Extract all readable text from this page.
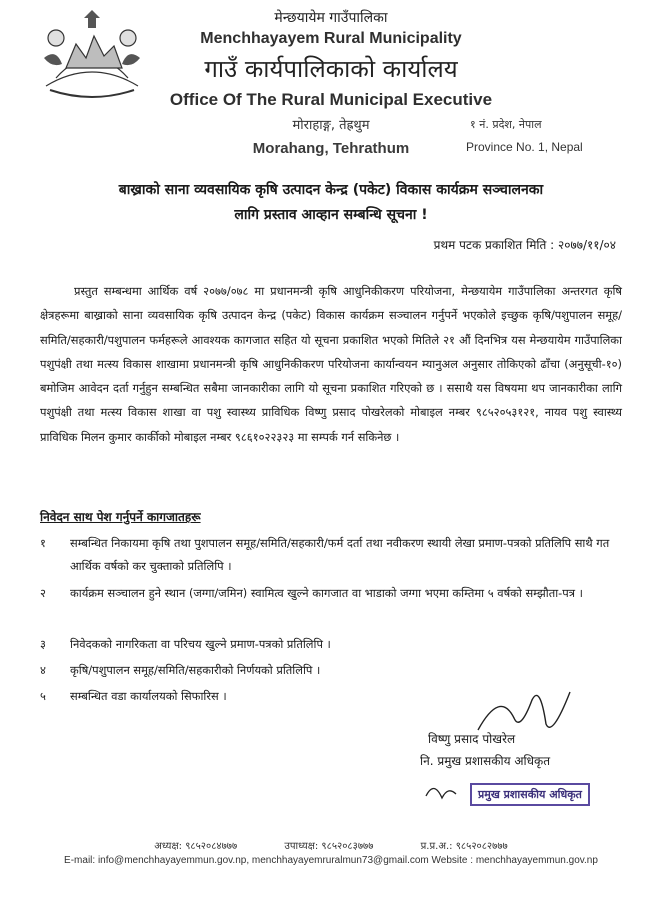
मेन्छयायेम गाउँपालिका
Menchhayayem Rural Municipality
गाउँ कार्यपालिकाको कार्यालय
Office Of The Rural Municipal Executive
मोराहाङ्ग, तेह्रथुम
Morahang, Tehrathum
१ नं. प्रदेश, नेपाल
Province No. 1, Nepal
बाख्राको साना व्यवसायिक कृषि उत्पादन केन्द्र (पकेट) विकास कार्यक्रम सञ्चालनका
लागि प्रस्ताव आव्हान सम्बन्धि सूचना !
प्रथम पटक प्रकाशित मिति : २०७७/११/०४

प्रस्तुत सम्बन्धमा आर्थिक वर्ष २०७७/०७८ मा प्रधानमन्त्री कृषि आधुनिकीकरण परियोजना, मेन्छयायेम गाउँपालिका अन्तरगत कृषि क्षेत्रहरूमा बाख्राको साना व्यवसायिक कृषि उत्पादन केन्द्र (पकेट) विकास कार्यक्रम सञ्चालन गर्नुपर्ने भएकोले इच्छुक कृषि/पशुपालन समूह/समिति/सहकारी/पशुपालन फर्महरूले आवश्यक कागजात सहित यो सूचना प्रकाशित भएको मितिले २१ औं दिनभित्र यस मेन्छयायेम गाउँपालिका पशुपंक्षी तथा मत्स्य विकास शाखामा प्रधानमन्त्री कृषि आधुनिकीकरण परियोजना कार्यान्वयन म्यानुअल अनुसार तोकिएको ढाँचा (अनुसूची-१०) बमोजिम आवेदन दर्ता गर्नुहुन सम्बन्धित सबैमा जानकारीका लागि यो सूचना प्रकाशित गरिएको छ । ससाथै यस विषयमा थप जानकारीका लागि पशुपंक्षी तथा मत्स्य विकास शाखा वा पशु स्वास्थ्य प्राविधिक विष्णु प्रसाद पोखरेलको मोबाइल नम्बर ९८५२०५३१२१, नायव पशु स्वास्थ्य प्राविधिक मिलन कुमार कार्कीको मोबाइल नम्बर ९८६१०२२३२३ मा सम्पर्क गर्न सकिनेछ ।

निवेदन साथ पेश गर्नुपर्ने कागजातहरू
१ सम्बन्धित निकायमा कृषि तथा पुशपालन समूह/समिति/सहकारी/फर्म दर्ता तथा नवीकरण स्थायी लेखा प्रमाण-पत्रको प्रतिलिपि साथै गत आर्थिक वर्षको कर चुक्ताको प्रतिलिपि ।
२ कार्यक्रम सञ्चालन हुने स्थान (जग्गा/जमिन) स्वामित्व खुल्ने कागजात वा भाडाको जग्गा भएमा कम्तिमा ५ वर्षको सम्झौता-पत्र ।
३ निवेदकको नागरिकता वा परिचय खुल्ने प्रमाण-पत्रको प्रतिलिपि ।
४ कृषि/पशुपालन समूह/समिति/सहकारीको निर्णयको प्रतिलिपि ।
५ सम्बन्धित वडा कार्यालयको सिफारिस ।
विष्णु प्रसाद पोखरेल
नि. प्रमुख प्रशासकीय अधिकृत
प्रमुख प्रशासकीय अधिकृत
अध्यक्ष: ९८५२०८४७७७	उपाध्यक्ष: ९८५२०८३७७७	प्र.प्र.अ.: ९८५२०८२७७७
E-mail: info@menchhayayemmun.gov.np, menchhayayemruralmun73@gmail.com Website : menchhayayemmun.gov.np
